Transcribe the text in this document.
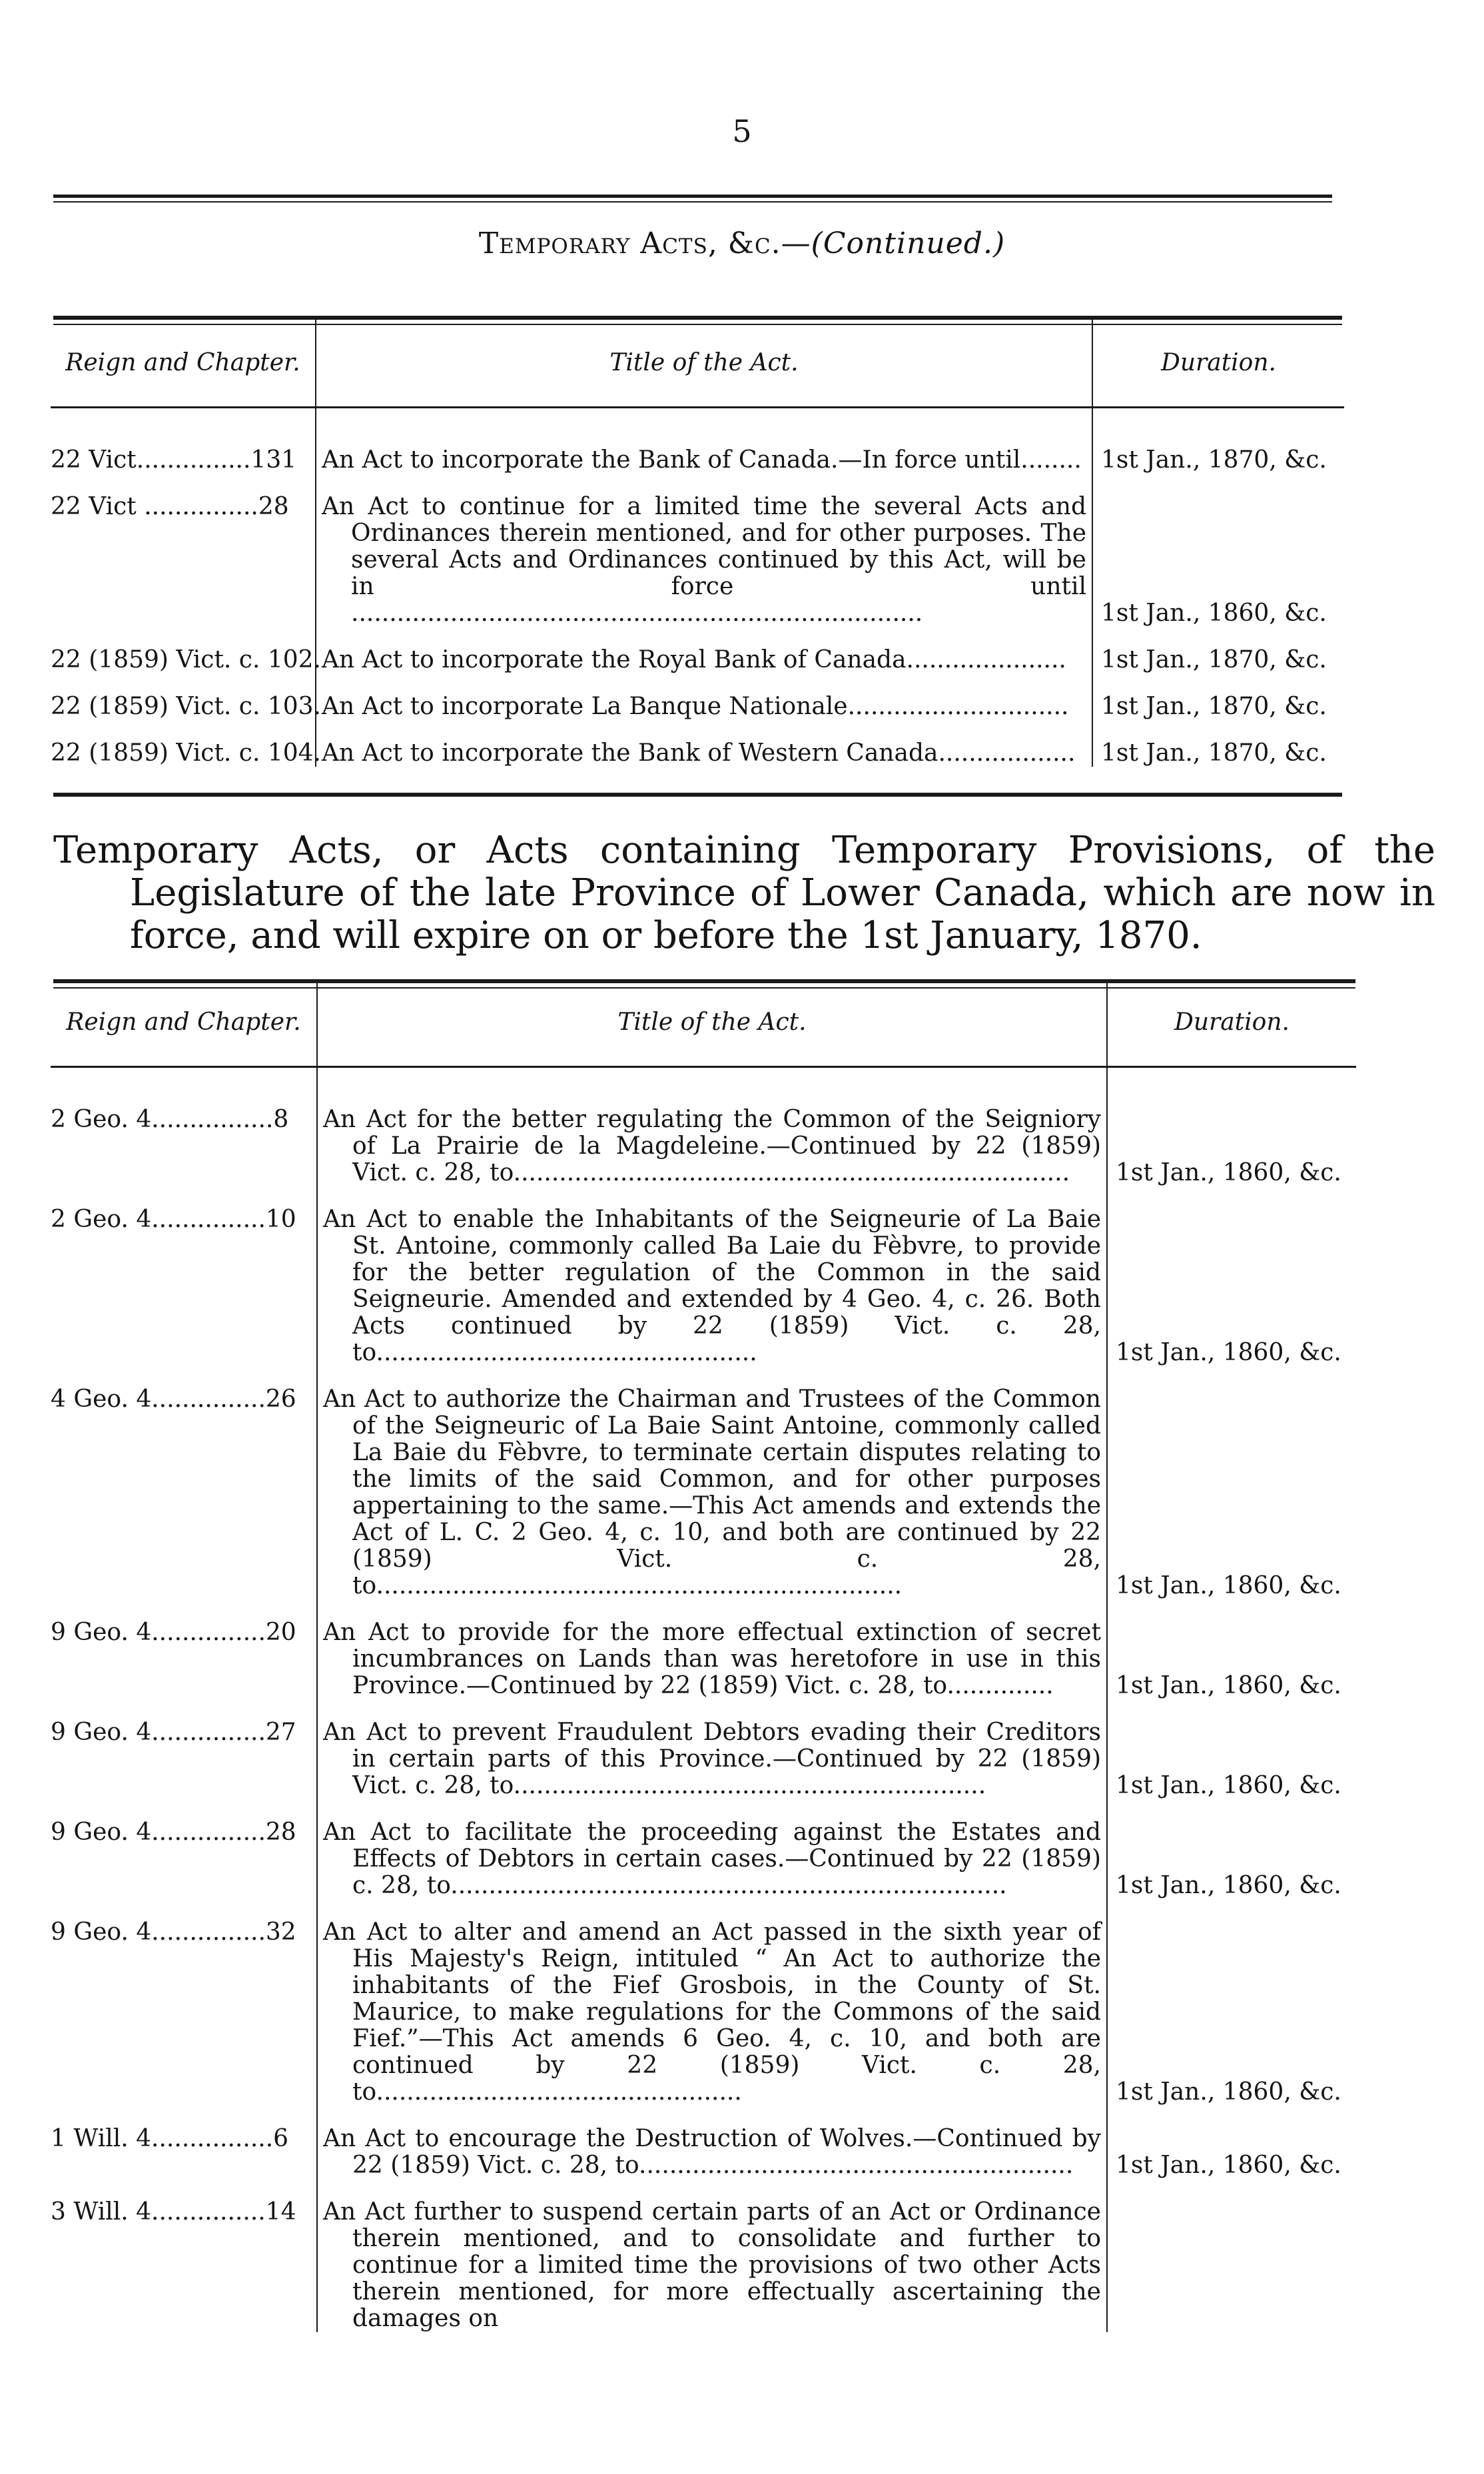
5
Temporary Acts, &c.—(Continued.)
Reign and Chapter.	Title of the Act.	Duration.

22 Vict...............131	An Act to incorporate the Bank of Canada.—In force until........	1st Jan., 1870, &c.
22 Vict ...............28	An Act to continue for a limited time the several Acts and Ordinances therein mentioned, and for other purposes. The several Acts and Ordinances continued by this Act, will be in force until ...........................................................................	1st Jan., 1860, &c.
22 (1859) Vict. c. 102.	An Act to incorporate the Royal Bank of Canada.....................	1st Jan., 1870, &c.
22 (1859) Vict. c. 103.	An Act to incorporate La Banque Nationale.............................	1st Jan., 1870, &c.
22 (1859) Vict. c. 104.	An Act to incorporate the Bank of Western Canada..................	1st Jan., 1870, &c.
Temporary Acts, or Acts containing Temporary Provisions, of the Legislature of the late Province of Lower Canada, which are now in force, and will expire on or before the 1st January, 1870.
Reign and Chapter.	Title of the Act.	Duration.

2 Geo. 4................8	An Act for the better regulating the Common of the Seigniory of La Prairie de la Magdeleine.—Continued by 22 (1859) Vict. c. 28, to.........................................................................	1st Jan., 1860, &c.
2 Geo. 4...............10	An Act to enable the Inhabitants of the Seigneurie of La Baie St. Antoine, commonly called Ba Laie du Fèbvre, to provide for the better regulation of the Common in the said Seigneurie. Amended and extended by 4 Geo. 4, c. 26. Both Acts continued by 22 (1859) Vict. c. 28, to..................................................	1st Jan., 1860, &c.
4 Geo. 4...............26	An Act to authorize the Chairman and Trustees of the Common of the Seigneuric of La Baie Saint Antoine, commonly called La Baie du Fèbvre, to terminate certain disputes relating to the limits of the said Common, and for other purposes appertaining to the same.—This Act amends and extends the Act of L. C. 2 Geo. 4, c. 10, and both are continued by 22 (1859) Vict. c. 28, to.....................................................................	1st Jan., 1860, &c.
9 Geo. 4...............20	An Act to provide for the more effectual extinction of secret incumbrances on Lands than was heretofore in use in this Province.—Continued by 22 (1859) Vict. c. 28, to..............	1st Jan., 1860, &c.
9 Geo. 4...............27	An Act to prevent Fraudulent Debtors evading their Creditors in certain parts of this Province.—Continued by 22 (1859) Vict. c. 28, to..............................................................	1st Jan., 1860, &c.
9 Geo. 4...............28	An Act to facilitate the proceeding against the Estates and Effects of Debtors in certain cases.—Continued by 22 (1859) c. 28, to.........................................................................	1st Jan., 1860, &c.
9 Geo. 4...............32	An Act to alter and amend an Act passed in the sixth year of His Majesty's Reign, intituled “ An Act to authorize the inhabitants of the Fief Grosbois, in the County of St. Maurice, to make regulations for the Commons of the said Fief.”—This Act amends 6 Geo. 4, c. 10, and both are continued by 22 (1859) Vict. c. 28, to................................................	1st Jan., 1860, &c.
1 Will. 4................6	An Act to encourage the Destruction of Wolves.—Continued by 22 (1859) Vict. c. 28, to.........................................................	1st Jan., 1860, &c.
3 Will. 4...............14	An Act further to suspend certain parts of an Act or Ordinance therein mentioned, and to consolidate and further to continue for a limited time the provisions of two other Acts therein mentioned, for more effectually ascertaining the damages on	
